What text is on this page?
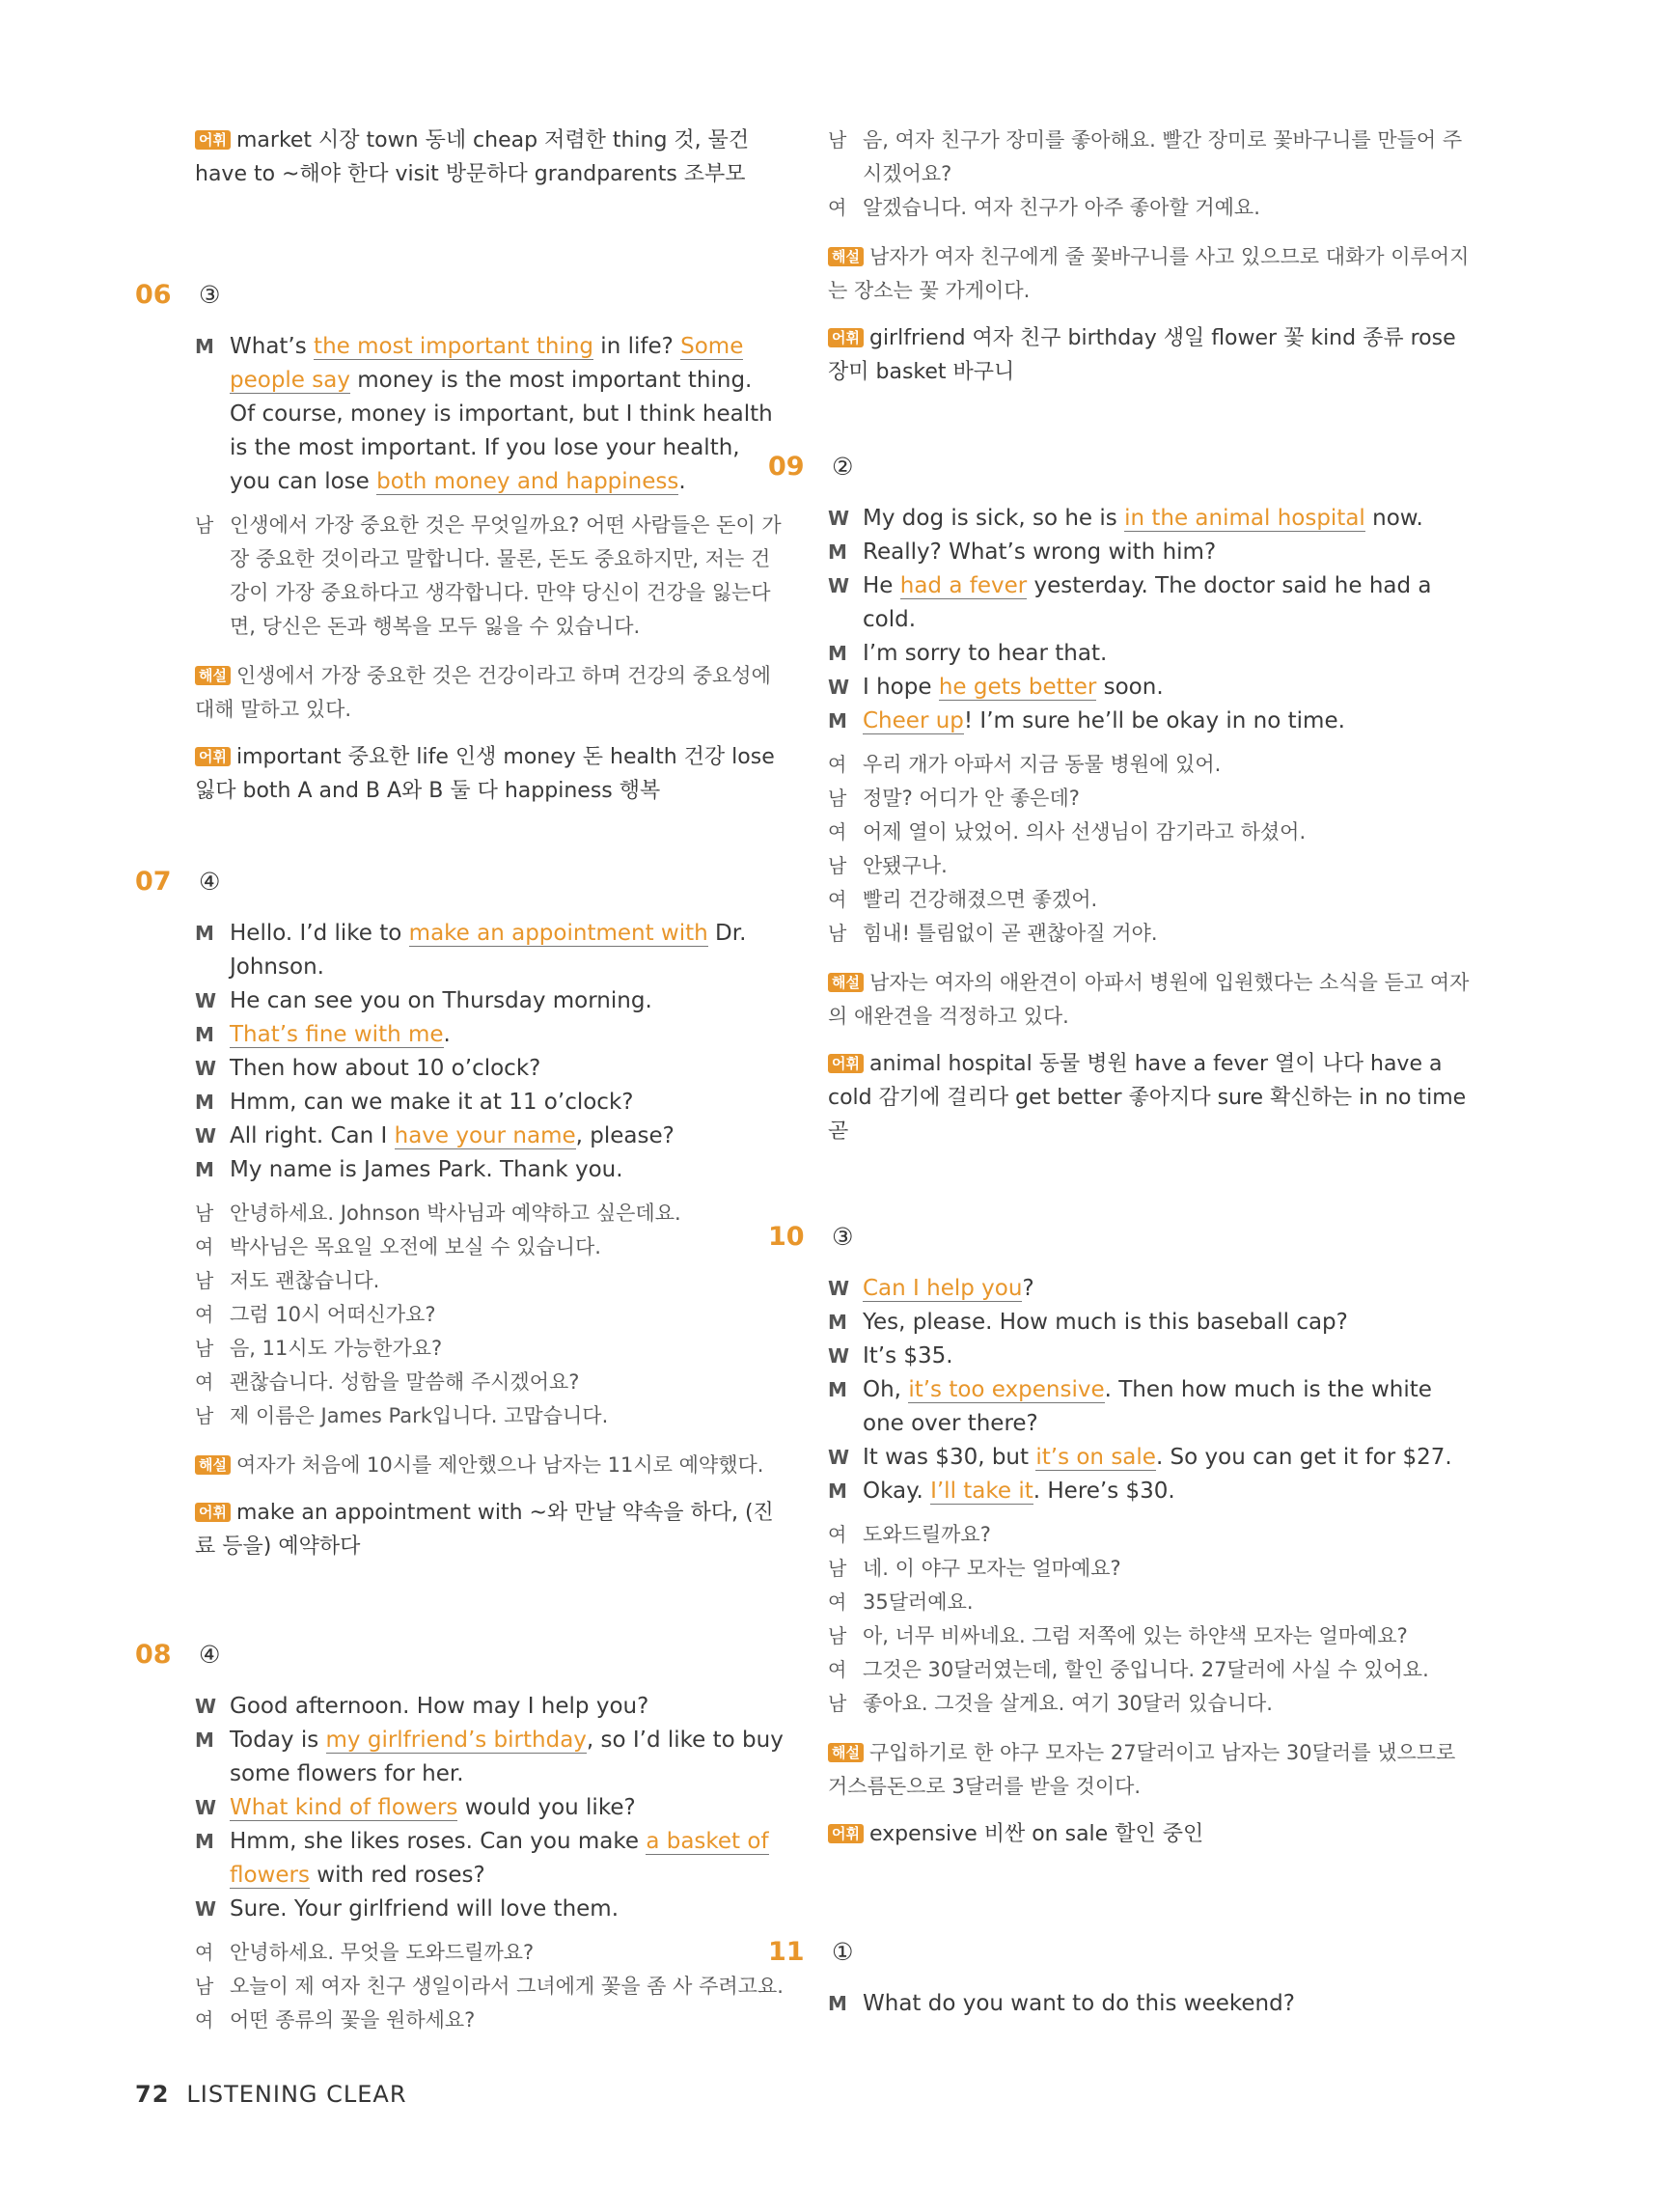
어휘 market 시장 town 동네 cheap 저렴한 thing 것, 물건 have to ~해야 한다 visit 방문하다 grandparents 조부모

06 ③
M What’s the most important thing in life? Some people say money is the most important thing. Of course, money is important, but I think health is the most important. If you lose your health, you can lose both money and happiness.
남 인생에서 가장 중요한 것은 무엇일까요? 어떤 사람들은 돈이 가장 중요한 것이라고 말합니다. 물론, 돈도 중요하지만, 저는 건강이 가장 중요하다고 생각합니다. 만약 당신이 건강을 잃는다면, 당신은 돈과 행복을 모두 잃을 수 있습니다.

해설 인생에서 가장 중요한 것은 건강이라고 하며 건강의 중요성에 대해 말하고 있다.

어휘 important 중요한 life 인생 money 돈 health 건강 lose 잃다 both A and B A와 B 둘 다 happiness 행복

07 ④
M Hello. I’d like to make an appointment with Dr. Johnson.
W He can see you on Thursday morning.
M That’s fine with me.
W Then how about 10 o’clock?
M Hmm, can we make it at 11 o’clock?
W All right. Can I have your name, please?
M My name is James Park. Thank you.
남 안녕하세요. Johnson 박사님과 예약하고 싶은데요.
여 박사님은 목요일 오전에 보실 수 있습니다.
남 저도 괜찮습니다.
여 그럼 10시 어떠신가요?
남 음, 11시도 가능한가요?
여 괜찮습니다. 성함을 말씀해 주시겠어요?
남 제 이름은 James Park입니다. 고맙습니다.

해설 여자가 처음에 10시를 제안했으나 남자는 11시로 예약했다.

어휘 make an appointment with ~와 만날 약속을 하다, (진료 등을) 예약하다

08 ④
W Good afternoon. How may I help you?
M Today is my girlfriend’s birthday, so I’d like to buy some flowers for her.
W What kind of flowers would you like?
M Hmm, she likes roses. Can you make a basket of flowers with red roses?
W Sure. Your girlfriend will love them.
여 안녕하세요. 무엇을 도와드릴까요?
남 오늘이 제 여자 친구 생일이라서 그녀에게 꽃을 좀 사 주려고요.
여 어떤 종류의 꽃을 원하세요?
남 음, 여자 친구가 장미를 좋아해요. 빨간 장미로 꽃바구니를 만들어 주시겠어요?
여 알겠습니다. 여자 친구가 아주 좋아할 거예요.

해설 남자가 여자 친구에게 줄 꽃바구니를 사고 있으므로 대화가 이루어지는 장소는 꽃 가게이다.

어휘 girlfriend 여자 친구 birthday 생일 flower 꽃 kind 종류 rose 장미 basket 바구니

09 ②
W My dog is sick, so he is in the animal hospital now.
M Really? What’s wrong with him?
W He had a fever yesterday. The doctor said he had a cold.
M I’m sorry to hear that.
W I hope he gets better soon.
M Cheer up! I’m sure he’ll be okay in no time.
여 우리 개가 아파서 지금 동물 병원에 있어.
남 정말? 어디가 안 좋은데?
여 어제 열이 났었어. 의사 선생님이 감기라고 하셨어.
남 안됐구나.
여 빨리 건강해졌으면 좋겠어.
남 힘내! 틀림없이 곧 괜찮아질 거야.

해설 남자는 여자의 애완견이 아파서 병원에 입원했다는 소식을 듣고 여자의 애완견을 걱정하고 있다.

어휘 animal hospital 동물 병원 have a fever 열이 나다 have a cold 감기에 걸리다 get better 좋아지다 sure 확신하는 in no time 곧

10 ③
W Can I help you?
M Yes, please. How much is this baseball cap?
W It’s $35.
M Oh, it’s too expensive. Then how much is the white one over there?
W It was $30, but it’s on sale. So you can get it for $27.
M Okay. I’ll take it. Here’s $30.
여 도와드릴까요?
남 네. 이 야구 모자는 얼마예요?
여 35달러예요.
남 아, 너무 비싸네요. 그럼 저쪽에 있는 하얀색 모자는 얼마예요?
여 그것은 30달러였는데, 할인 중입니다. 27달러에 사실 수 있어요.
남 좋아요. 그것을 살게요. 여기 30달러 있습니다.

해설 구입하기로 한 야구 모자는 27달러이고 남자는 30달러를 냈으므로 거스름돈으로 3달러를 받을 것이다.

어휘 expensive 비싼 on sale 할인 중인

11 ①
M What do you want to do this weekend?
72 LISTENING CLEAR
